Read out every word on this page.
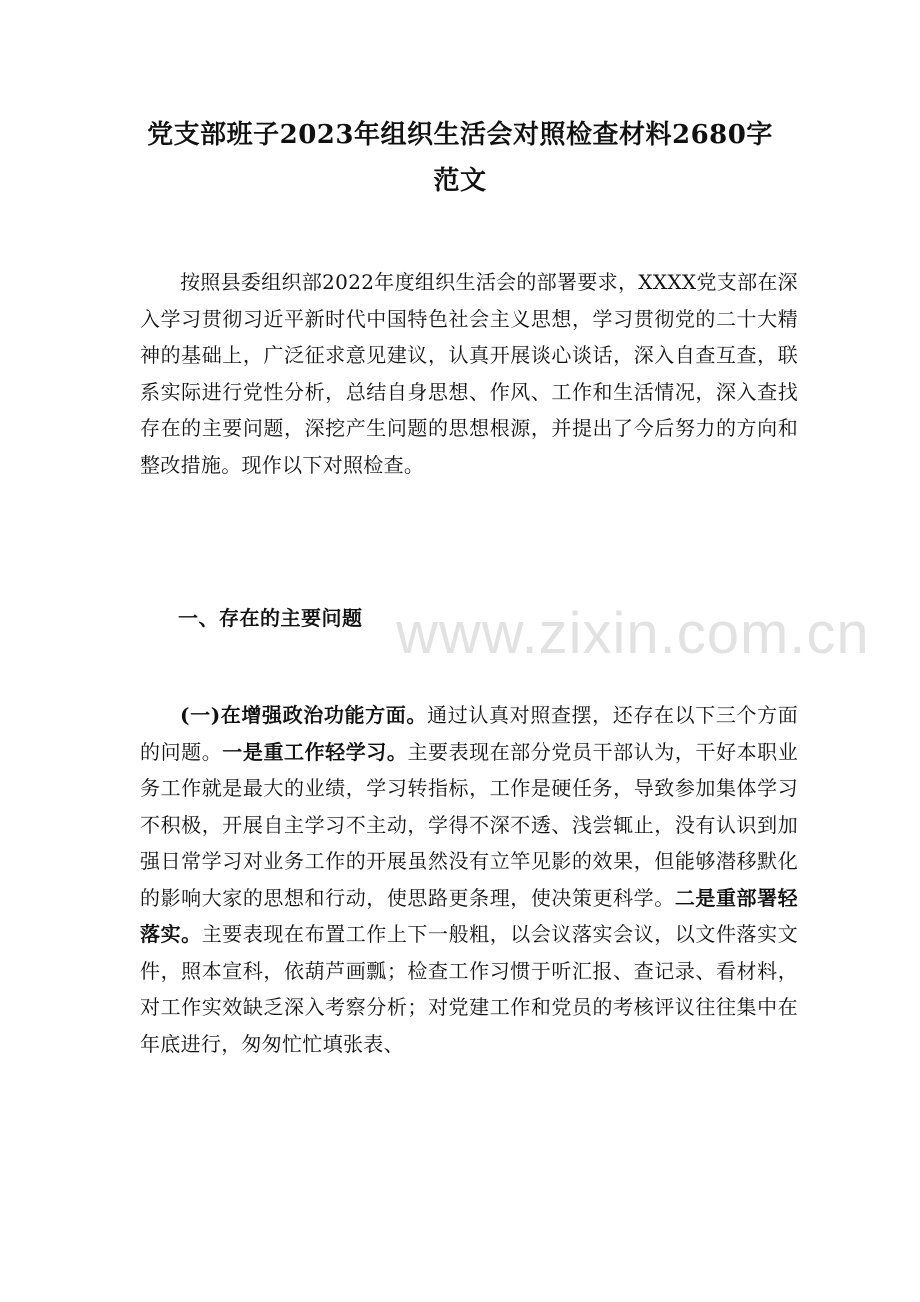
党支部班子2023年组织生活会对照检查材料2680字
范文

按照县委组织部2022年度组织生活会的部署要求，XXXX党支部在深入学习贯彻习近平新时代中国特色社会主义思想，学习贯彻党的二十大精神的基础上，广泛征求意见建议，认真开展谈心谈话，深入自查互查，联系实际进行党性分析，总结自身思想、作风、工作和生活情况，深入查找存在的主要问题，深挖产生问题的思想根源，并提出了今后努力的方向和整改措施。现作以下对照检查。

一、存在的主要问题 www.zixin.com.cn

(一)在增强政治功能方面。通过认真对照查摆，还存在以下三个方面的问题。一是重工作轻学习。主要表现在部分党员干部认为，干好本职业务工作就是最大的业绩，学习转指标，工作是硬任务，导致参加集体学习不积极，开展自主学习不主动，学得不深不透、浅尝辄止，没有认识到加强日常学习对业务工作的开展虽然没有立竿见影的效果，但能够潜移默化的影响大家的思想和行动，使思路更条理，使决策更科学。二是重部署轻落实。主要表现在布置工作上下一般粗，以会议落实会议，以文件落实文件，照本宣科，依葫芦画瓢；检查工作习惯于听汇报、查记录、看材料，对工作实效缺乏深入考察分析；对党建工作和党员的考核评议往往集中在年底进行，匆匆忙忙填张表、
